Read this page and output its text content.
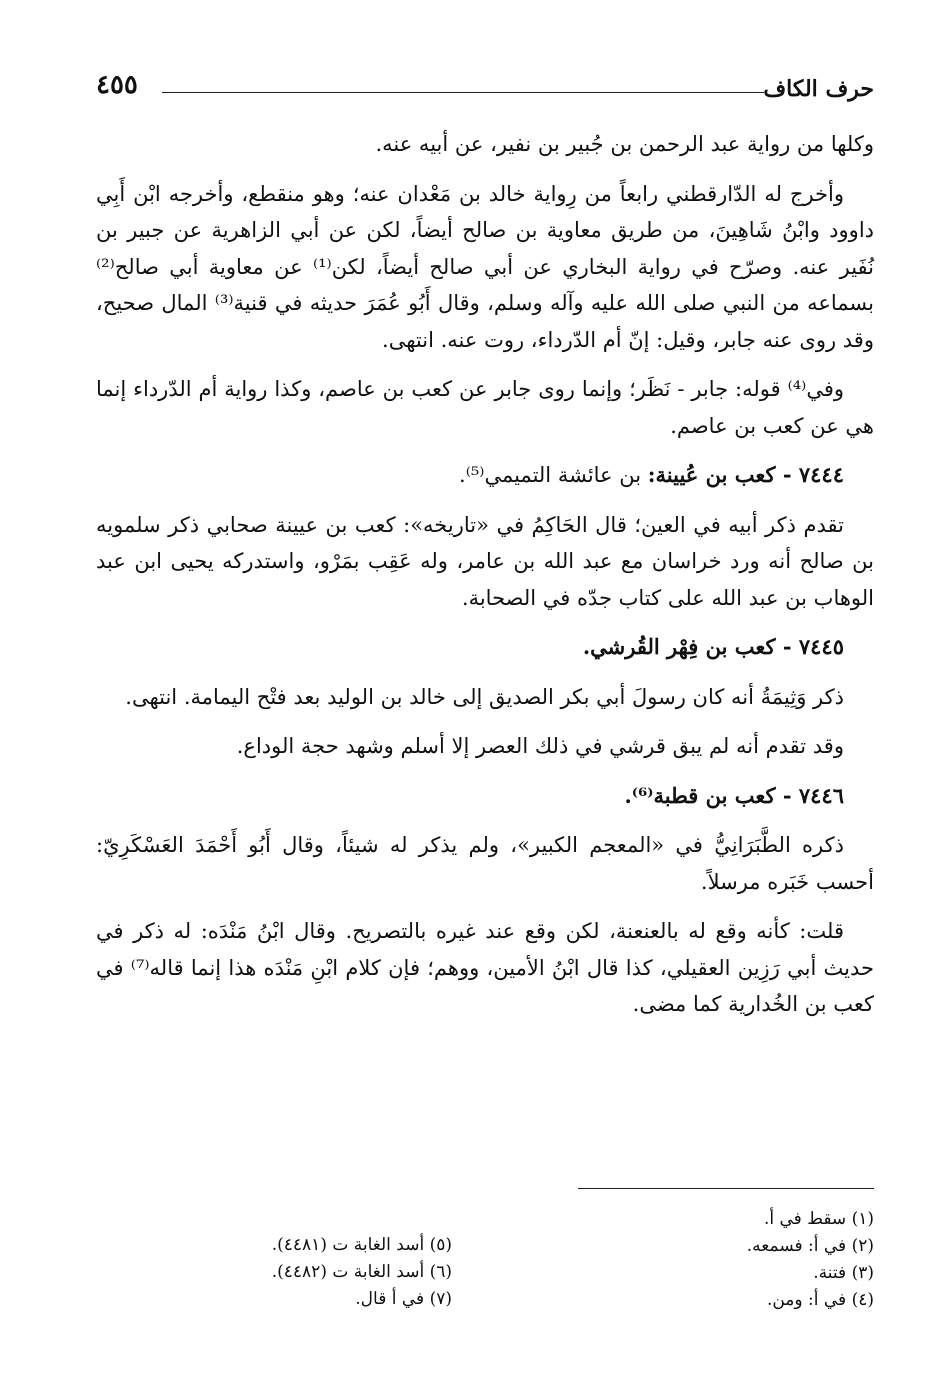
حرف الكاف
٤٥٥

وكلها من رواية عبد الرحمن بن جُبير بن نفير، عن أبيه عنه.

وأخرج له الدّارقطني رابعاً من رِواية خالد بن مَعْدان عنه؛ وهو منقطع، وأخرجه ابْن أَبِي داوود وابْنُ شَاهِينَ، من طريق معاوية بن صالح أيضاً، لكن عن أبي الزاهرية عن جبير بن نُفَير عنه. وصرّح في رواية البخاري عن أبي صالح أيضاً، لكن⁽¹⁾ عن معاوية أبي صالح⁽²⁾ بسماعه من النبي صلى الله عليه وآله وسلم، وقال أَبُو عُمَرَ حديثه في قنية⁽³⁾ المال صحيح، وقد روى عنه جابر، وقيل: إنّ أم الدّرداء، روت عنه. انتهى.

وفي⁽⁴⁾ قوله: جابر - نَظَر؛ وإنما روى جابر عن كعب بن عاصم، وكذا رواية أم الدّرداء إنما هي عن كعب بن عاصم.

٧٤٤٤ - كعب بن عُيينة: بن عائشة التميمي⁽⁵⁾.

تقدم ذكر أبيه في العين؛ قال الحَاكِمُ في «تاريخه»: كعب بن عيينة صحابي ذكر سلمويه بن صالح أنه ورد خراسان مع عبد الله بن عامر، وله عَقِب بمَرْو، واستدركه يحيى ابن عبد الوهاب بن عبد الله على كتاب جدّه في الصحابة.

٧٤٤٥ - كعب بن فِهْر القُرشي.

ذكر وَثِيمَةُ أنه كان رسولَ أبي بكر الصديق إلى خالد بن الوليد بعد فتْح اليمامة. انتهى.

وقد تقدم أنه لم يبق قرشي في ذلك العصر إلا أسلم وشهد حجة الوداع.

٧٤٤٦ - كعب بن قطبة⁽⁶⁾.

ذكره الطَّبَرَانِيُّ في «المعجم الكبير»، ولم يذكر له شيئاً، وقال أَبُو أَحْمَدَ العَسْكَرِيّ: أحسب خَبَره مرسلاً.

قلت: كأنه وقع له بالعنعنة، لكن وقع عند غيره بالتصريح. وقال ابْنُ مَنْدَه: له ذكر في حديث أبي رَزِين العقيلي، كذا قال ابْنُ الأمين، ووهم؛ فإن كلام ابْنِ مَنْدَه هذا إنما قاله⁽⁷⁾ في كعب بن الخُدارية كما مضى.

(١) سقط في أ.
(٢) في أ: فسمعه.
(٣) فتنة.
(٤) في أ: ومن.
(٥) أسد الغابة ت (٤٤٨١).
(٦) أسد الغابة ت (٤٤٨٢).
(٧) في أ قال.
